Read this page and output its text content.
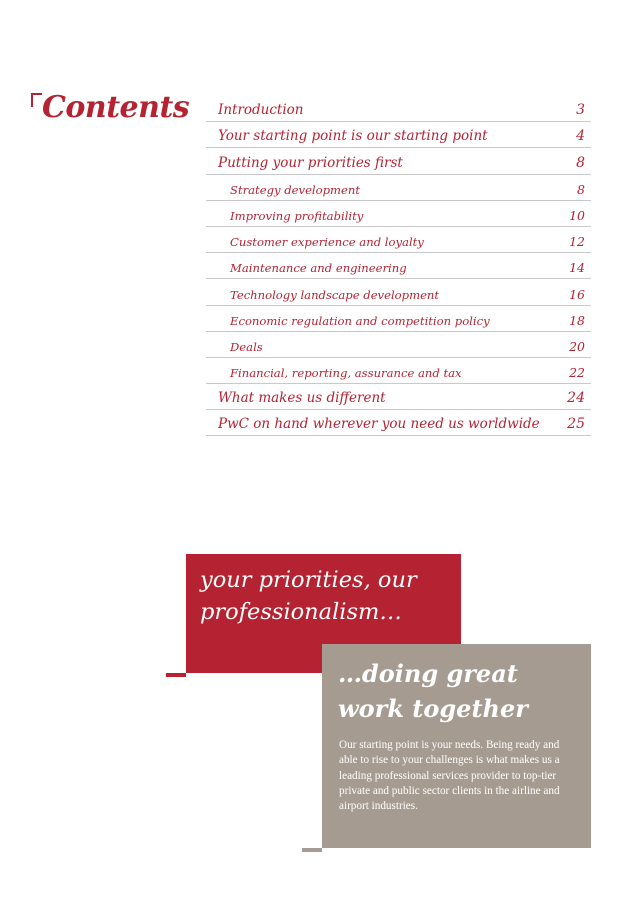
Contents Introduction	3
Your starting point is our starting point	4
Putting your priorities first	8
Strategy development	8
Improving profitability	10
Customer experience and loyalty	12
Maintenance and engineering	14
Technology landscape development	16
Economic regulation and competition policy	18
Deals	20
Financial, reporting, assurance and tax	22
What makes us different	24
PwC on hand wherever you need us worldwide 25
your priorities, our
professionalism…
…doing great
work together

Our starting point is your needs. Being ready and able to rise to your challenges is what makes us a leading professional services provider to top-tier private and public sector clients in the airline and airport industries.
